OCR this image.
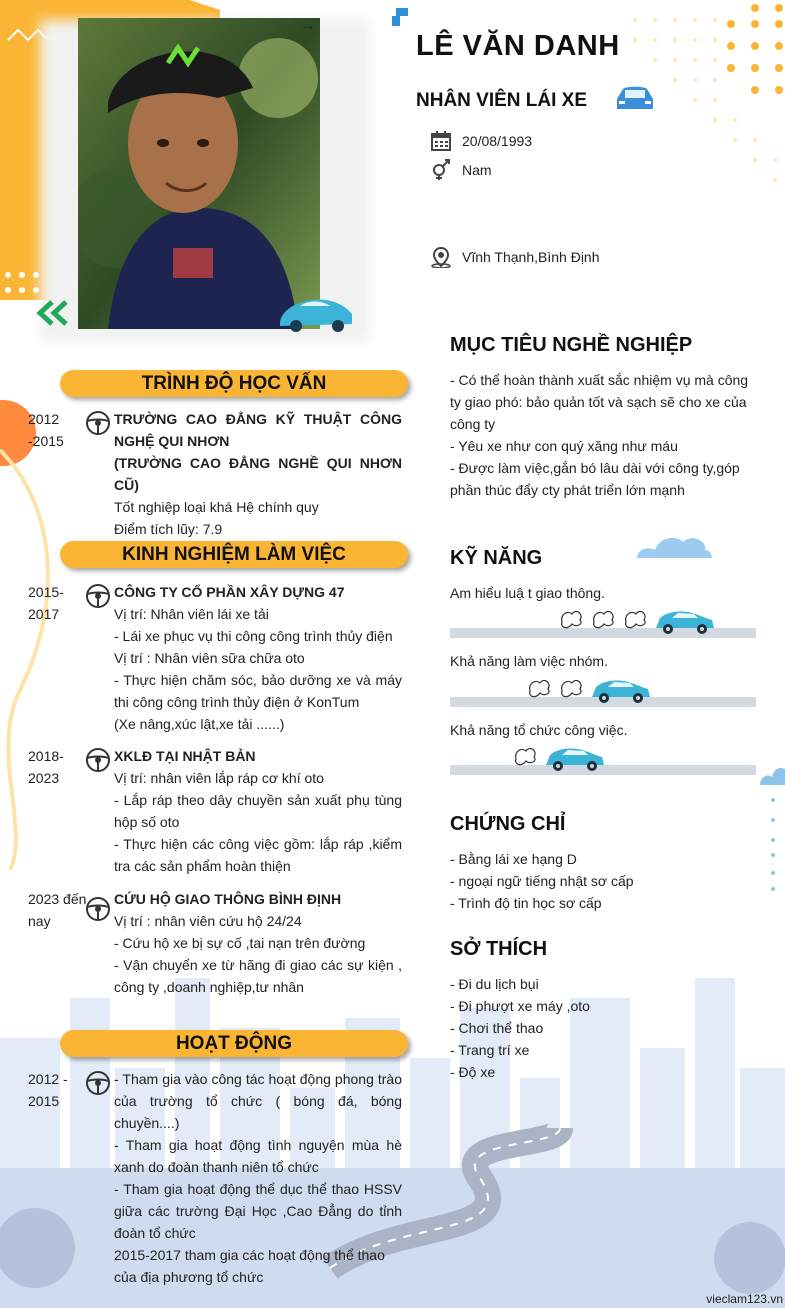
→
LÊ VĂN DANH
NHÂN VIÊN LÁI XE
20/08/1993
Nam
Vĩnh Thạnh,Bình Định
TRÌNH ĐỘ HỌC VẤN
2012 -2015
TRƯỜNG CAO ĐẲNG KỸ THUẬT CÔNG NGHỆ QUI NHƠN
(TRƯỜNG CAO ĐẲNG NGHỀ QUI NHƠN CŨ)
Tốt nghiệp loại khá Hệ chính quy
Điểm tích lũy: 7.9
KINH NGHIỆM LÀM VIỆC
2015- 2017
CÔNG TY CỔ PHẦN XÂY DỰNG 47
Vị trí: Nhân viên lái xe tải
- Lái xe phục vụ thi công công trình thủy điện
Vị trí : Nhân viên sữa chữa oto
- Thực hiện chăm sóc, bảo dưỡng xe và máy thi công công trình thủy điện ở KonTum
(Xe nâng,xúc lật,xe tải ......)
2018- 2023
XKLĐ TẠI NHẬT BẢN
Vị trí: nhân viên lắp ráp cơ khí oto
- Lắp ráp theo dây chuyền sản xuất phụ tùng hộp số oto
- Thực hiện các công việc gồm: lắp ráp ,kiểm tra các sản phẩm hoàn thiện
2023 đến nay
CỨU HỘ GIAO THÔNG BÌNH ĐỊNH
Vị trí : nhân viên cứu hộ 24/24
- Cứu hộ xe bị sự cố ,tai nạn trên đường
- Vận chuyển xe từ hãng đi giao các sự kiện , công ty ,doanh nghiệp,tư nhân
HOẠT ĐỘNG
2012 - 2015
- Tham gia vào công tác hoạt động phong trào của trường tổ chức ( bóng đá, bóng chuyền....)
- Tham gia hoạt động tình nguyện mùa hè xanh do đoàn thanh niên tổ chức
- Tham gia hoạt động thể dục thể thao HSSV giữa các trường Đại Học ,Cao Đẳng do tỉnh đoàn tổ chức
2015-2017 tham gia các hoạt động thể thao của địa phương tổ chức
MỤC TIÊU NGHỀ NGHIỆP
- Có thể hoàn thành xuất sắc nhiệm vụ mà công ty giao phó: bảo quản tốt và sạch sẽ cho xe của công ty
- Yêu xe như con quý xăng như máu
- Được làm việc,gắn bó lâu dài với công ty,góp phần thúc đẩy cty phát triển lớn mạnh
KỸ NĂNG
Am hiểu luậ t giao thông.
Khả năng làm việc nhóm.
Khả năng tổ chức công việc.
CHỨNG CHỈ
- Bằng lái xe hạng D
- ngoại ngữ tiếng nhật sơ cấp
- Trình độ tin học sơ cấp
SỞ THÍCH
- Đi du lịch bụi
- Đi phượt xe máy ,oto
- Chơi thể thao
- Trang trí xe
- Độ xe
vieclam123.vn
